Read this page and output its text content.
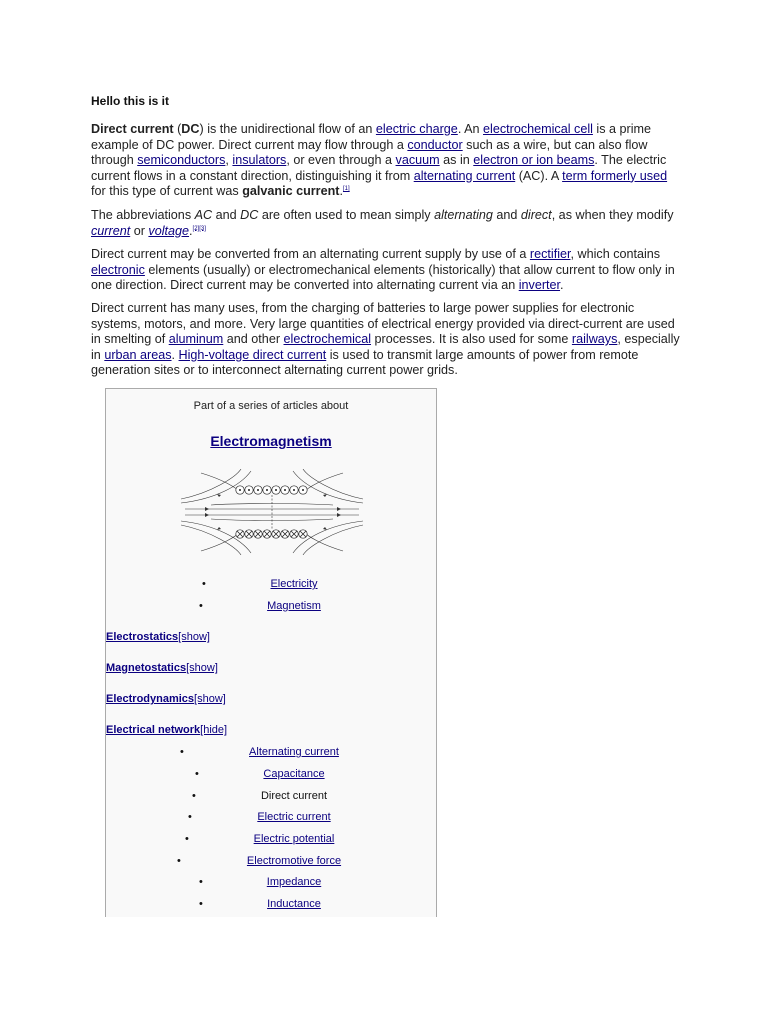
Hello this is it
Direct current (DC) is the unidirectional flow of an electric charge. An electrochemical cell is a prime example of DC power. Direct current may flow through a conductor such as a wire, but can also flow through semiconductors, insulators, or even through a vacuum as in electron or ion beams. The electric current flows in a constant direction, distinguishing it from alternating current (AC). A term formerly used for this type of current was galvanic current.[1]
The abbreviations AC and DC are often used to mean simply alternating and direct, as when they modify current or voltage.[2][3]
Direct current may be converted from an alternating current supply by use of a rectifier, which contains electronic elements (usually) or electromechanical elements (historically) that allow current to flow only in one direction. Direct current may be converted into alternating current via an inverter.
Direct current has many uses, from the charging of batteries to large power supplies for electronic systems, motors, and more. Very large quantities of electrical energy provided via direct-current are used in smelting of aluminum and other electrochemical processes. It is also used for some railways, especially in urban areas. High-voltage direct current is used to transmit large amounts of power from remote generation sites or to interconnect alternating current power grids.
Part of a series of articles about
Electromagnetism
•	Electricity
•	Magnetism
Electrostatics[show]
Magnetostatics[show]
Electrodynamics[show]
Electrical network[hide]
•	Alternating current
•	Capacitance
•	Direct current
•	Electric current
•	Electric potential
•	Electromotive force
•	Impedance
•	Inductance
